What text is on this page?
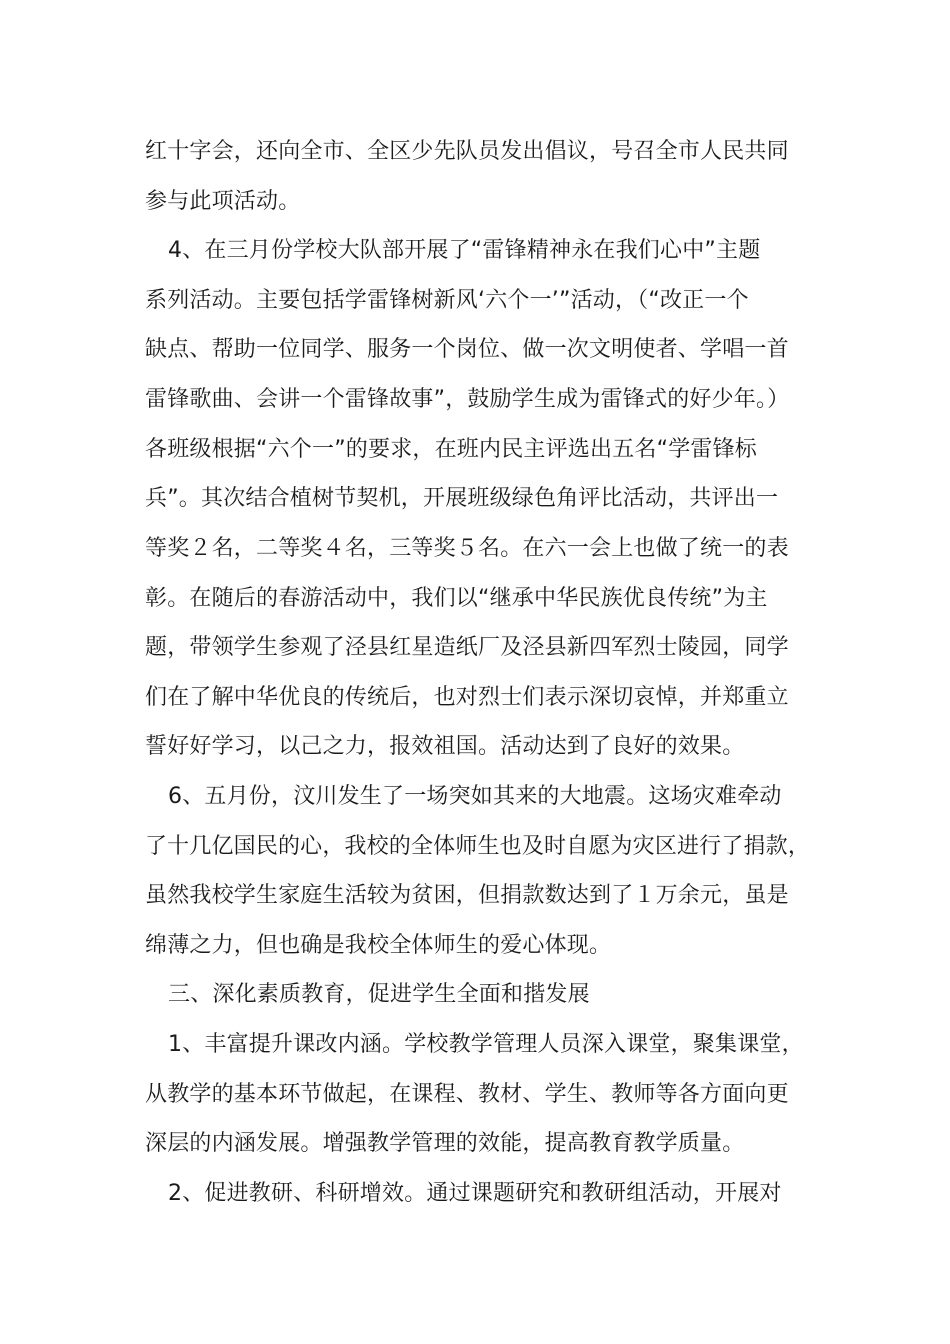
红十字会，还向全市、全区少先队员发出倡议，号召全市人民共同
参与此项活动。
4、在三月份学校大队部开展了“雷锋精神永在我们心中”主题
系列活动。主要包括学雷锋树新风‘六个一’”活动，（“改正一个
缺点、帮助一位同学、服务一个岗位、做一次文明使者、学唱一首
雷锋歌曲、会讲一个雷锋故事”，鼓励学生成为雷锋式的好少年。）
各班级根据“六个一”的要求，在班内民主评选出五名“学雷锋标
兵”。其次结合植树节契机，开展班级绿色角评比活动，共评出一
等奖２名，二等奖４名，三等奖５名。在六一会上也做了统一的表
彰。在随后的春游活动中，我们以“继承中华民族优良传统”为主
题，带领学生参观了泾县红星造纸厂及泾县新四军烈士陵园，同学
们在了解中华优良的传统后，也对烈士们表示深切哀悼，并郑重立
誓好好学习，以己之力，报效祖国。活动达到了良好的效果。
6、五月份，汶川发生了一场突如其来的大地震。这场灾难牵动
了十几亿国民的心，我校的全体师生也及时自愿为灾区进行了捐款，
虽然我校学生家庭生活较为贫困，但捐款数达到了１万余元，虽是
绵薄之力，但也确是我校全体师生的爱心体现。
三、深化素质教育，促进学生全面和揩发展
1、丰富提升课改内涵。学校教学管理人员深入课堂，聚集课堂，
从教学的基本环节做起，在课程、教材、学生、教师等各方面向更
深层的内涵发展。增强教学管理的效能，提高教育教学质量。
2、促进教研、科研增效。通过课题研究和教研组活动，开展对
